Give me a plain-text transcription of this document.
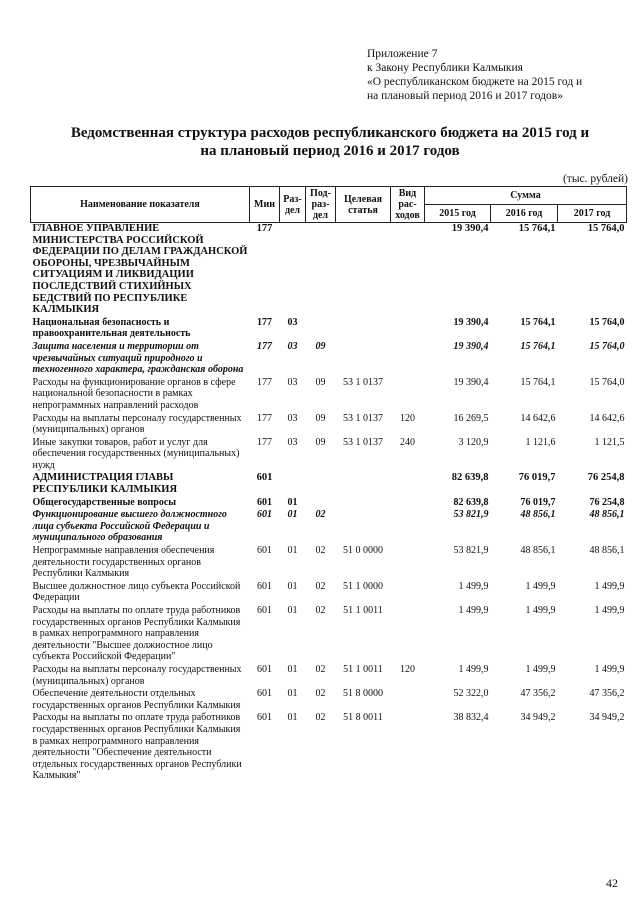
Приложение 7
к Закону Республики Калмыкия
«О республиканском бюджете на 2015 год и
на плановый период 2016 и 2017 годов»
Ведомственная структура расходов республиканского бюджета на 2015 год и
на плановый период 2016 и 2017 годов
(тыс. рублей)
Наименование показателя	Мин	Раз-дел	Под-раз-дел	Целевая статья	Вид рас-ходов	Сумма		
						2015 год	2016 год	2017 год
ГЛАВНОЕ УПРАВЛЕНИЕ МИНИСТЕРСТВА РОССИЙСКОЙ ФЕДЕРАЦИИ ПО ДЕЛАМ ГРАЖДАНСКОЙ ОБОРОНЫ, ЧРЕЗВЫЧАЙНЫМ СИТУАЦИЯМ И ЛИКВИДАЦИИ ПОСЛЕДСТВИЙ СТИХИЙНЫХ БЕДСТВИЙ ПО РЕСПУБЛИКЕ КАЛМЫКИЯ	177					19 390,4	15 764,1	15 764,0
Национальная безопасность и правоохранительная деятельность	177	03				19 390,4	15 764,1	15 764,0
Защита населения и территории от чрезвычайных ситуаций природного и техногенного характера, гражданская оборона	177	03	09			19 390,4	15 764,1	15 764,0
Расходы на функционирование органов в сфере национальной безопасности в рамках непрограммных направлений расходов	177	03	09	53 1 0137		19 390,4	15 764,1	15 764,0
Расходы на выплаты персоналу государственных (муниципальных) органов	177	03	09	53 1 0137	120	16 269,5	14 642,6	14 642,6
Иные закупки товаров, работ и услуг для обеспечения государственных (муниципальных) нужд	177	03	09	53 1 0137	240	3 120,9	1 121,6	1 121,5
АДМИНИСТРАЦИЯ ГЛАВЫ РЕСПУБЛИКИ КАЛМЫКИЯ	601					82 639,8	76 019,7	76 254,8
Общегосударственные вопросы	601	01				82 639,8	76 019,7	76 254,8
Функционирование высшего должностного лица субъекта Российской Федерации и муниципального образования	601	01	02			53 821,9	48 856,1	48 856,1
Непрограммные направления обеспечения деятельности государственных органов Республики Калмыкия	601	01	02	51 0 0000		53 821,9	48 856,1	48 856,1
Высшее должностное лицо субъекта Российской Федерации	601	01	02	51 1 0000		1 499,9	1 499,9	1 499,9
Расходы на выплаты по оплате труда работников государственных органов Республики Калмыкия в рамках непрограммного направления деятельности "Высшее должностное лицо субъекта Российской Федерации"	601	01	02	51 1 0011		1 499,9	1 499,9	1 499,9
Расходы на выплаты персоналу государственных (муниципальных) органов	601	01	02	51 1 0011	120	1 499,9	1 499,9	1 499,9
Обеспечение деятельности отдельных государственных органов Республики Калмыкия	601	01	02	51 8 0000		52 322,0	47 356,2	47 356,2
Расходы на выплаты по оплате труда работников государственных органов Республики Калмыкия в рамках непрограммного направления деятельности "Обеспечение деятельности отдельных государственных органов Республики Калмыкия"	601	01	02	51 8 0011		38 832,4	34 949,2	34 949,2
42
